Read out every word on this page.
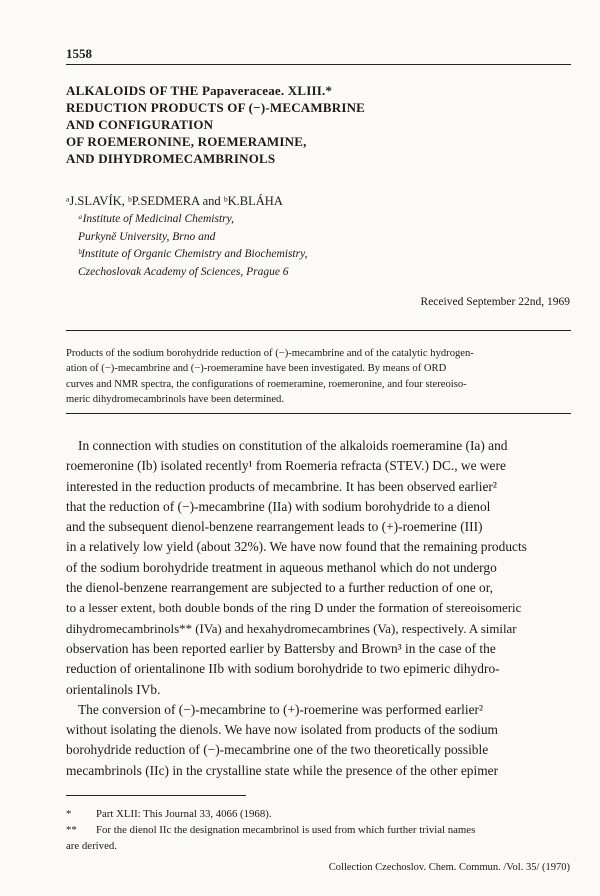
1558
ALKALOIDS OF THE Papaveraceae. XLIII.*
REDUCTION PRODUCTS OF (−)-MECAMBRINE
AND CONFIGURATION
OF ROEMERONINE, ROEMERAMINE,
AND DIHYDROMECAMBRINOLS
ᵃJ.SLAVÍK, ᵇP.SEDMERA and ᵇK.BLÁHA
ᵃInstitute of Medicinal Chemistry,
Purkyně University, Brno and
ᵇInstitute of Organic Chemistry and Biochemistry,
Czechoslovak Academy of Sciences, Prague 6
Received September 22nd, 1969
Products of the sodium borohydride reduction of (−)-mecambrine and of the catalytic hydrogen-
ation of (−)-mecambrine and (−)-roemeramine have been investigated. By means of ORD
curves and NMR spectra, the configurations of roemeramine, roemeronine, and four stereoiso-
meric dihydromecambrinols have been determined.
In connection with studies on constitution of the alkaloids roemeramine (Ia) and
roemeronine (Ib) isolated recently¹ from Roemeria refracta (STEV.) DC., we were
interested in the reduction products of mecambrine. It has been observed earlier²
that the reduction of (−)-mecambrine (IIa) with sodium borohydride to a dienol
and the subsequent dienol-benzene rearrangement leads to (+)-roemerine (III)
in a relatively low yield (about 32%). We have now found that the remaining products
of the sodium borohydride treatment in aqueous methanol which do not undergo
the dienol-benzene rearrangement are subjected to a further reduction of one or,
to a lesser extent, both double bonds of the ring D under the formation of stereoisomeric
dihydromecambrinols** (IVa) and hexahydromecambrines (Va), respectively. A similar
observation has been reported earlier by Battersby and Brown³ in the case of the
reduction of orientalinone IIb with sodium borohydride to two epimeric dihydro-
orientalinols IVb.
The conversion of (−)-mecambrine to (+)-roemerine was performed earlier²
without isolating the dienols. We have now isolated from products of the sodium
borohydride reduction of (−)-mecambrine one of the two theoretically possible
mecambrinols (IIc) in the crystalline state while the presence of the other epimer
* Part XLII: This Journal 33, 4066 (1968).
** For the dienol IIc the designation mecambrinol is used from which further trivial names
are derived.
Collection Czechoslov. Chem. Commun. /Vol. 35/ (1970)
